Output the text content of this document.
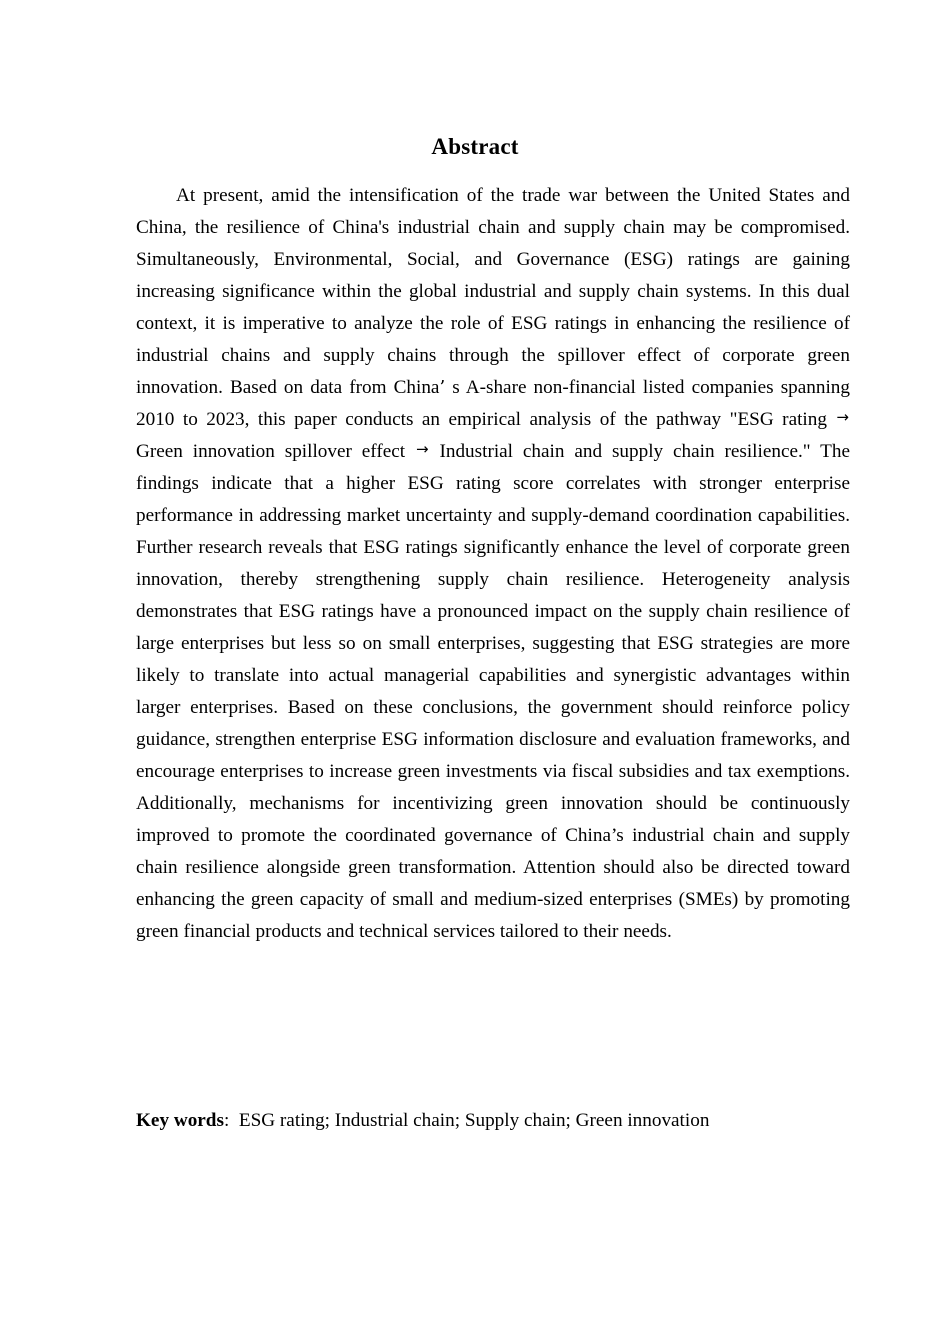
Abstract

At present, amid the intensification of the trade war between the United States and China, the resilience of China's industrial chain and supply chain may be compromised. Simultaneously, Environmental, Social, and Governance (ESG) ratings are gaining increasing significance within the global industrial and supply chain systems. In this dual context, it is imperative to analyze the role of ESG ratings in enhancing the resilience of industrial chains and supply chains through the spillover effect of corporate green innovation. Based on data from China’ s A-share non-financial listed companies spanning 2010 to 2023, this paper conducts an empirical analysis of the pathway "ESG rating → Green innovation spillover effect → Industrial chain and supply chain resilience." The findings indicate that a higher ESG rating score correlates with stronger enterprise performance in addressing market uncertainty and supply-demand coordination capabilities. Further research reveals that ESG ratings significantly enhance the level of corporate green innovation, thereby strengthening supply chain resilience. Heterogeneity analysis demonstrates that ESG ratings have a pronounced impact on the supply chain resilience of large enterprises but less so on small enterprises, suggesting that ESG strategies are more likely to translate into actual managerial capabilities and synergistic advantages within larger enterprises. Based on these conclusions, the government should reinforce policy guidance, strengthen enterprise ESG information disclosure and evaluation frameworks, and encourage enterprises to increase green investments via fiscal subsidies and tax exemptions. Additionally, mechanisms for incentivizing green innovation should be continuously improved to promote the coordinated governance of China’s industrial chain and supply chain resilience alongside green transformation. Attention should also be directed toward enhancing the green capacity of small and medium-sized enterprises (SMEs) by promoting green financial products and technical services tailored to their needs.

Key words: ESG rating; Industrial chain; Supply chain; Green innovation
